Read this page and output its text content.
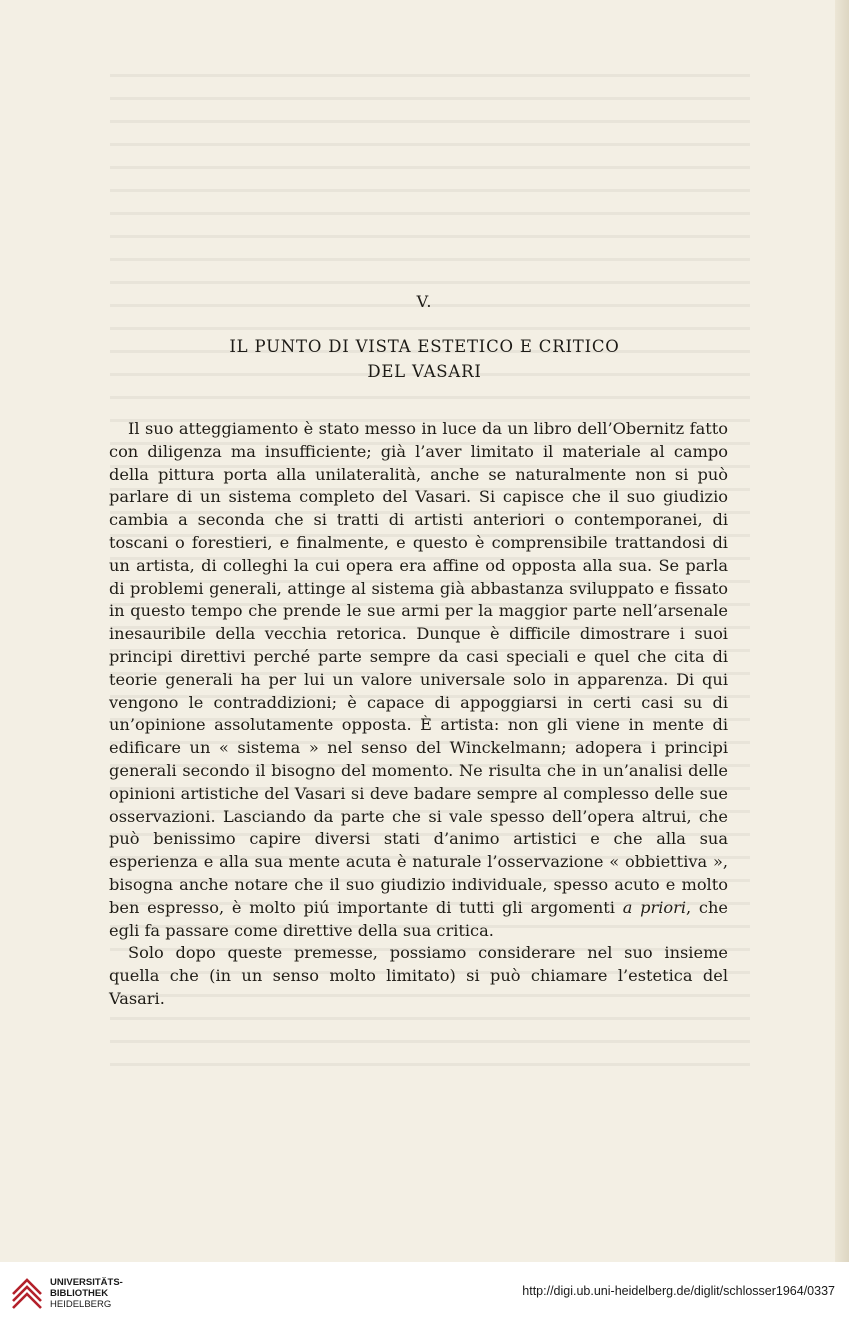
V.
IL PUNTO DI VISTA ESTETICO E CRITICO
DEL VASARI

Il suo atteggiamento è stato messo in luce da un libro dell’Obernitz fatto con diligenza ma insufficiente; già l’aver limitato il materiale al campo della pittura porta alla unilateralità, anche se naturalmente non si può parlare di un sistema completo del Vasari. Si capisce che il suo giudizio cambia a seconda che si tratti di artisti anteriori o contemporanei, di toscani o forestieri, e finalmente, e questo è comprensibile trattandosi di un artista, di colleghi la cui opera era affine od opposta alla sua. Se parla di problemi generali, attinge al sistema già abbastanza sviluppato e fissato in questo tempo che prende le sue armi per la maggior parte nell’arsenale inesauribile della vecchia retorica. Dunque è difficile dimostrare i suoi principi direttivi perché parte sempre da casi speciali e quel che cita di teorie generali ha per lui un valore universale solo in apparenza. Di qui vengono le contraddizioni; è capace di appoggiarsi in certi casi su di un’opinione assolutamente opposta. È artista: non gli viene in mente di edificare un « sistema » nel senso del Winckelmann; adopera i principi generali secondo il bisogno del momento. Ne risulta che in un’analisi delle opinioni artistiche del Vasari si deve badare sempre al complesso delle sue osservazioni. Lasciando da parte che si vale spesso dell’opera altrui, che può benissimo capire diversi stati d’animo artistici e che alla sua esperienza e alla sua mente acuta è naturale l’osservazione « obbiettiva », bisogna anche notare che il suo giudizio individuale, spesso acuto e molto ben espresso, è molto piú importante di tutti gli argomenti a priori, che egli fa passare come direttive della sua critica.

Solo dopo queste premesse, possiamo considerare nel suo insieme quella che (in un senso molto limitato) si può chiamare l’estetica del Vasari.

UNIVERSITÄTS-
BIBLIOTHEK
HEIDELBERG
http://digi.ub.uni-heidelberg.de/diglit/schlosser1964/0337
